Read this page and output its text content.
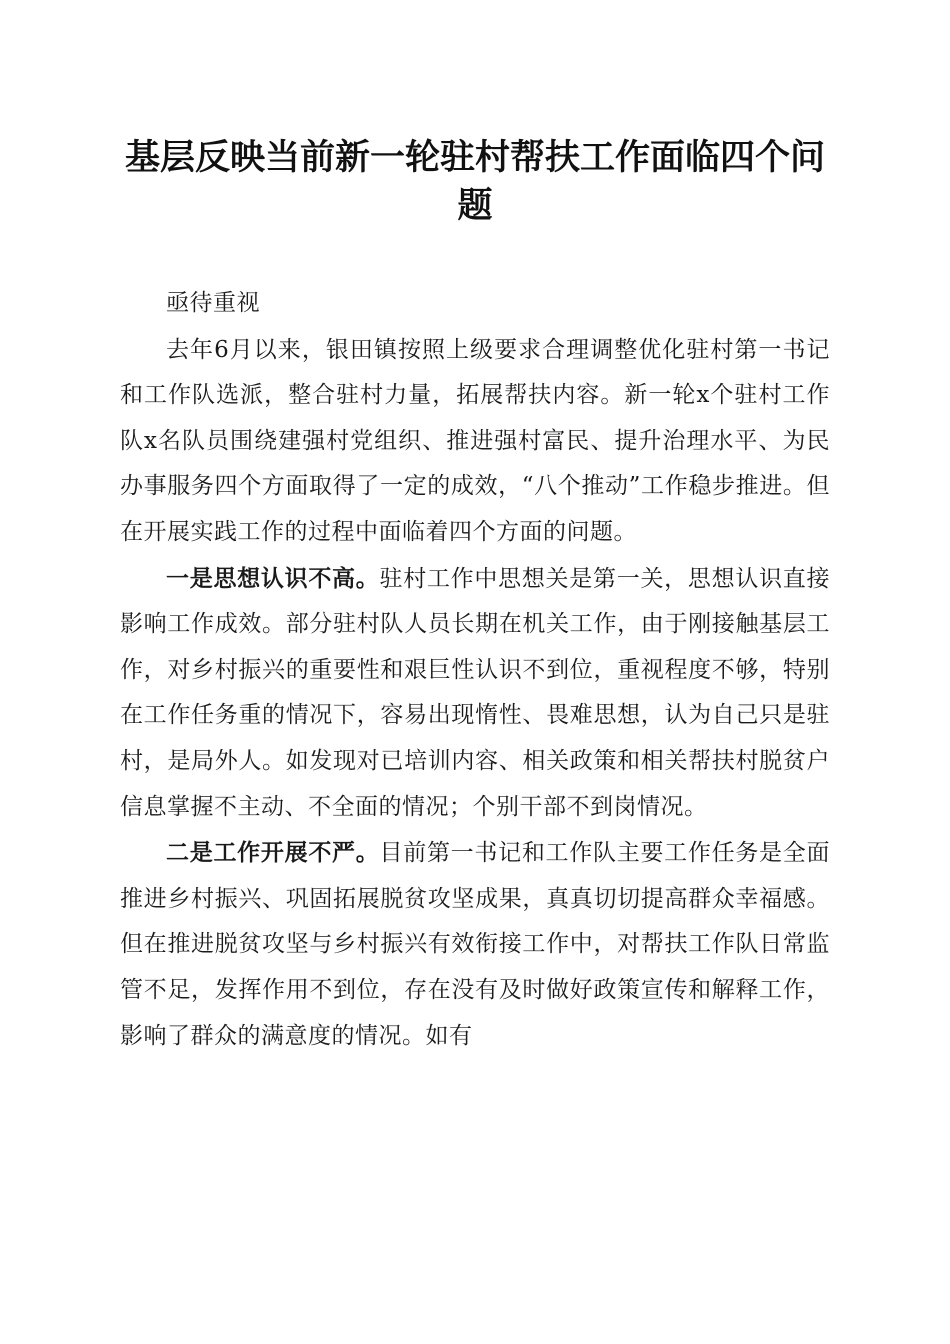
基层反映当前新一轮驻村帮扶工作面临四个问题

亟待重视

去年6月以来，银田镇按照上级要求合理调整优化驻村第一书记和工作队选派，整合驻村力量，拓展帮扶内容。新一轮x个驻村工作队x名队员围绕建强村党组织、推进强村富民、提升治理水平、为民办事服务四个方面取得了一定的成效，“八个推动”工作稳步推进。但在开展实践工作的过程中面临着四个方面的问题。

一是思想认识不高。驻村工作中思想关是第一关，思想认识直接影响工作成效。部分驻村队人员长期在机关工作，由于刚接触基层工作，对乡村振兴的重要性和艰巨性认识不到位，重视程度不够，特别在工作任务重的情况下，容易出现惰性、畏难思想，认为自己只是驻村，是局外人。如发现对已培训内容、相关政策和相关帮扶村脱贫户信息掌握不主动、不全面的情况；个别干部不到岗情况。

二是工作开展不严。目前第一书记和工作队主要工作任务是全面推进乡村振兴、巩固拓展脱贫攻坚成果，真真切切提高群众幸福感。但在推进脱贫攻坚与乡村振兴有效衔接工作中，对帮扶工作队日常监管不足，发挥作用不到位，存在没有及时做好政策宣传和解释工作，影响了群众的满意度的情况。如有
